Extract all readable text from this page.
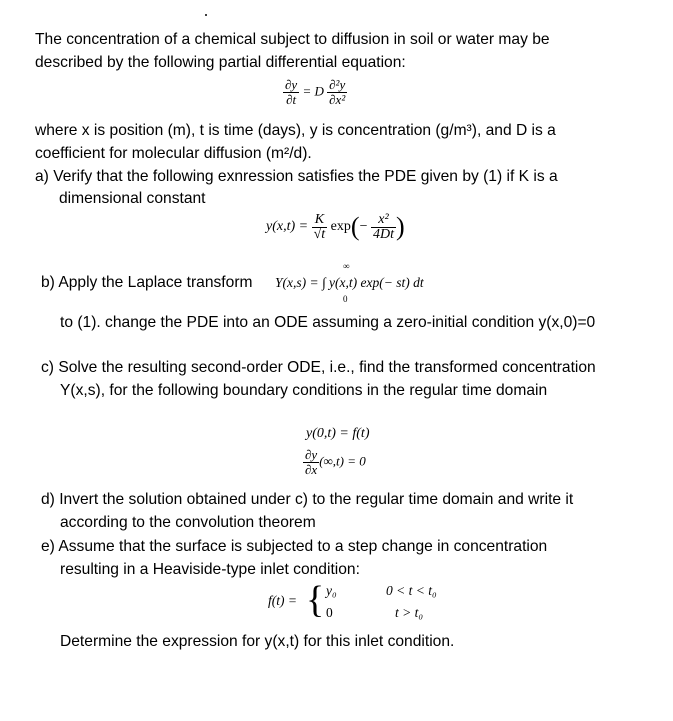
The concentration of a chemical subject to diffusion in soil or water may be
described by the following partial differential equation:
$\frac{\partial y}{\partial t} = D \frac{\text{∂²y}}{\text{∂x²}}$
where x is position (m), t is time (days), y is concentration (g/m³), and D is a
coefficient for molecular diffusion (m²/d).
a) Verify that the following exnression satisfies the PDE given by (1) if K is a
dimensional constant
$y(x,t) = \frac{K}{√t} \exp(- \frac{\text{x²}}{4Dt}$ )
b) Apply the Laplace transform Y(x,s) = ∫ y(x,t) exp(− st) dt
∞
0
to (1). change the PDE into an ODE assuming a zero-initial condition y(x,0)=0
c) Solve the resulting second-order ODE, i.e., find the transformed concentration
Y(x,s), for the following boundary conditions in the regular time domain
y(0,t) = f(t)
$\frac{\partial y}{\partial x} (\infty,t) = 0$
d) Invert the solution obtained under c) to the regular time domain and write it
according to the convolution theorem
e) Assume that the surface is subjected to a step change in concentration
resulting in a Heaviside-type inlet condition:
f(t) = { y₀	0 < t < t₀
0	t > t₀
Determine the expression for y(x,t) for this inlet condition.
